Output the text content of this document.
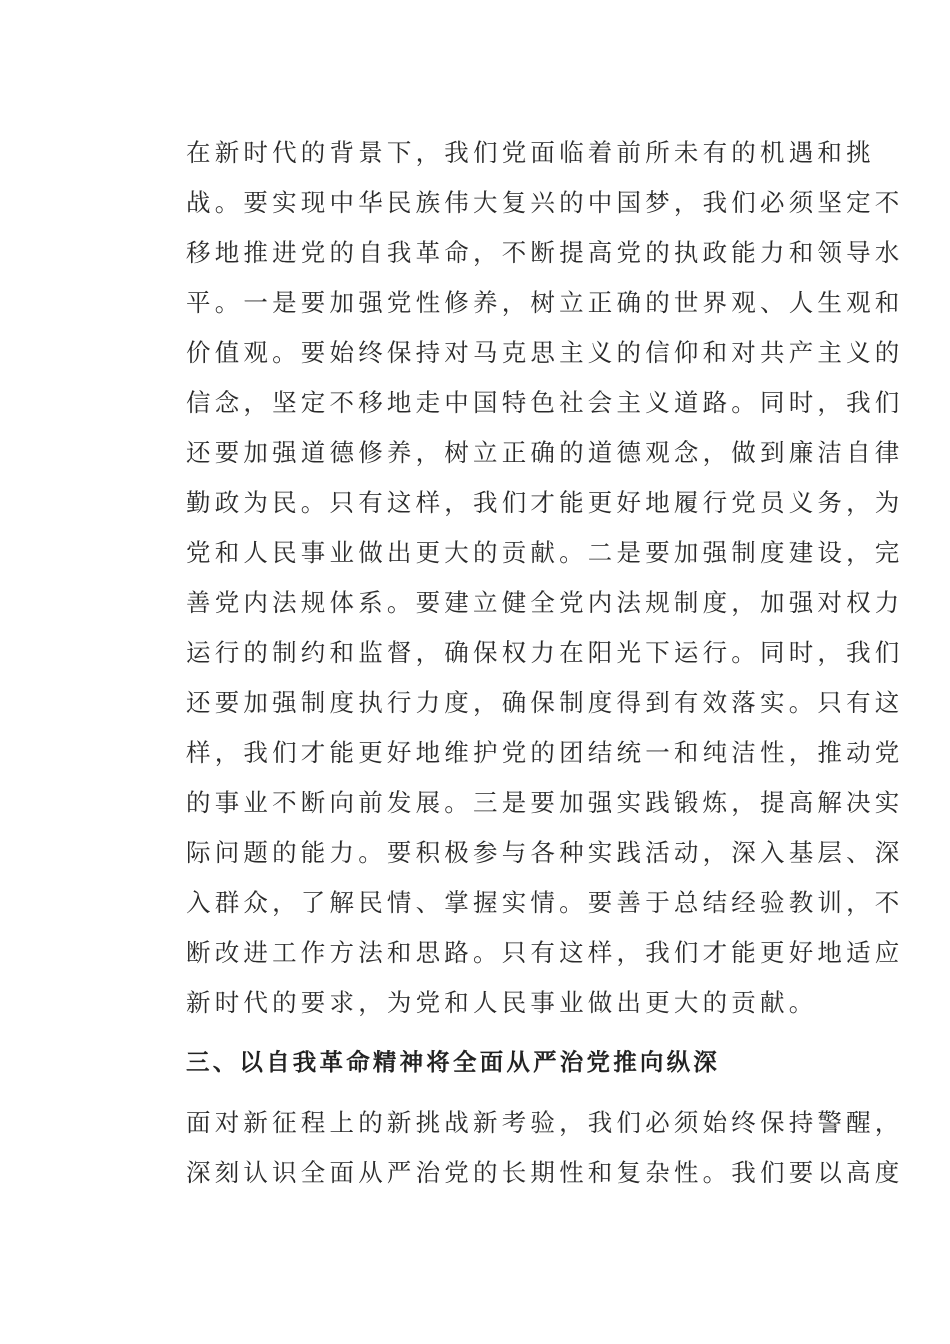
在新时代的背景下，我们党面临着前所未有的机遇和挑
战。要实现中华民族伟大复兴的中国梦，我们必须坚定不
移地推进党的自我革命，不断提高党的执政能力和领导水
平。一是要加强党性修养，树立正确的世界观、人生观和
价值观。要始终保持对马克思主义的信仰和对共产主义的
信念，坚定不移地走中国特色社会主义道路。同时，我们
还要加强道德修养，树立正确的道德观念，做到廉洁自律
勤政为民。只有这样，我们才能更好地履行党员义务，为
党和人民事业做出更大的贡献。二是要加强制度建设，完
善党内法规体系。要建立健全党内法规制度，加强对权力
运行的制约和监督，确保权力在阳光下运行。同时，我们
还要加强制度执行力度，确保制度得到有效落实。只有这
样，我们才能更好地维护党的团结统一和纯洁性，推动党
的事业不断向前发展。三是要加强实践锻炼，提高解决实
际问题的能力。要积极参与各种实践活动，深入基层、深
入群众，了解民情、掌握实情。要善于总结经验教训，不
断改进工作方法和思路。只有这样，我们才能更好地适应
新时代的要求，为党和人民事业做出更大的贡献。
三、以自我革命精神将全面从严治党推向纵深
面对新征程上的新挑战新考验，我们必须始终保持警醒，
深刻认识全面从严治党的长期性和复杂性。我们要以高度
